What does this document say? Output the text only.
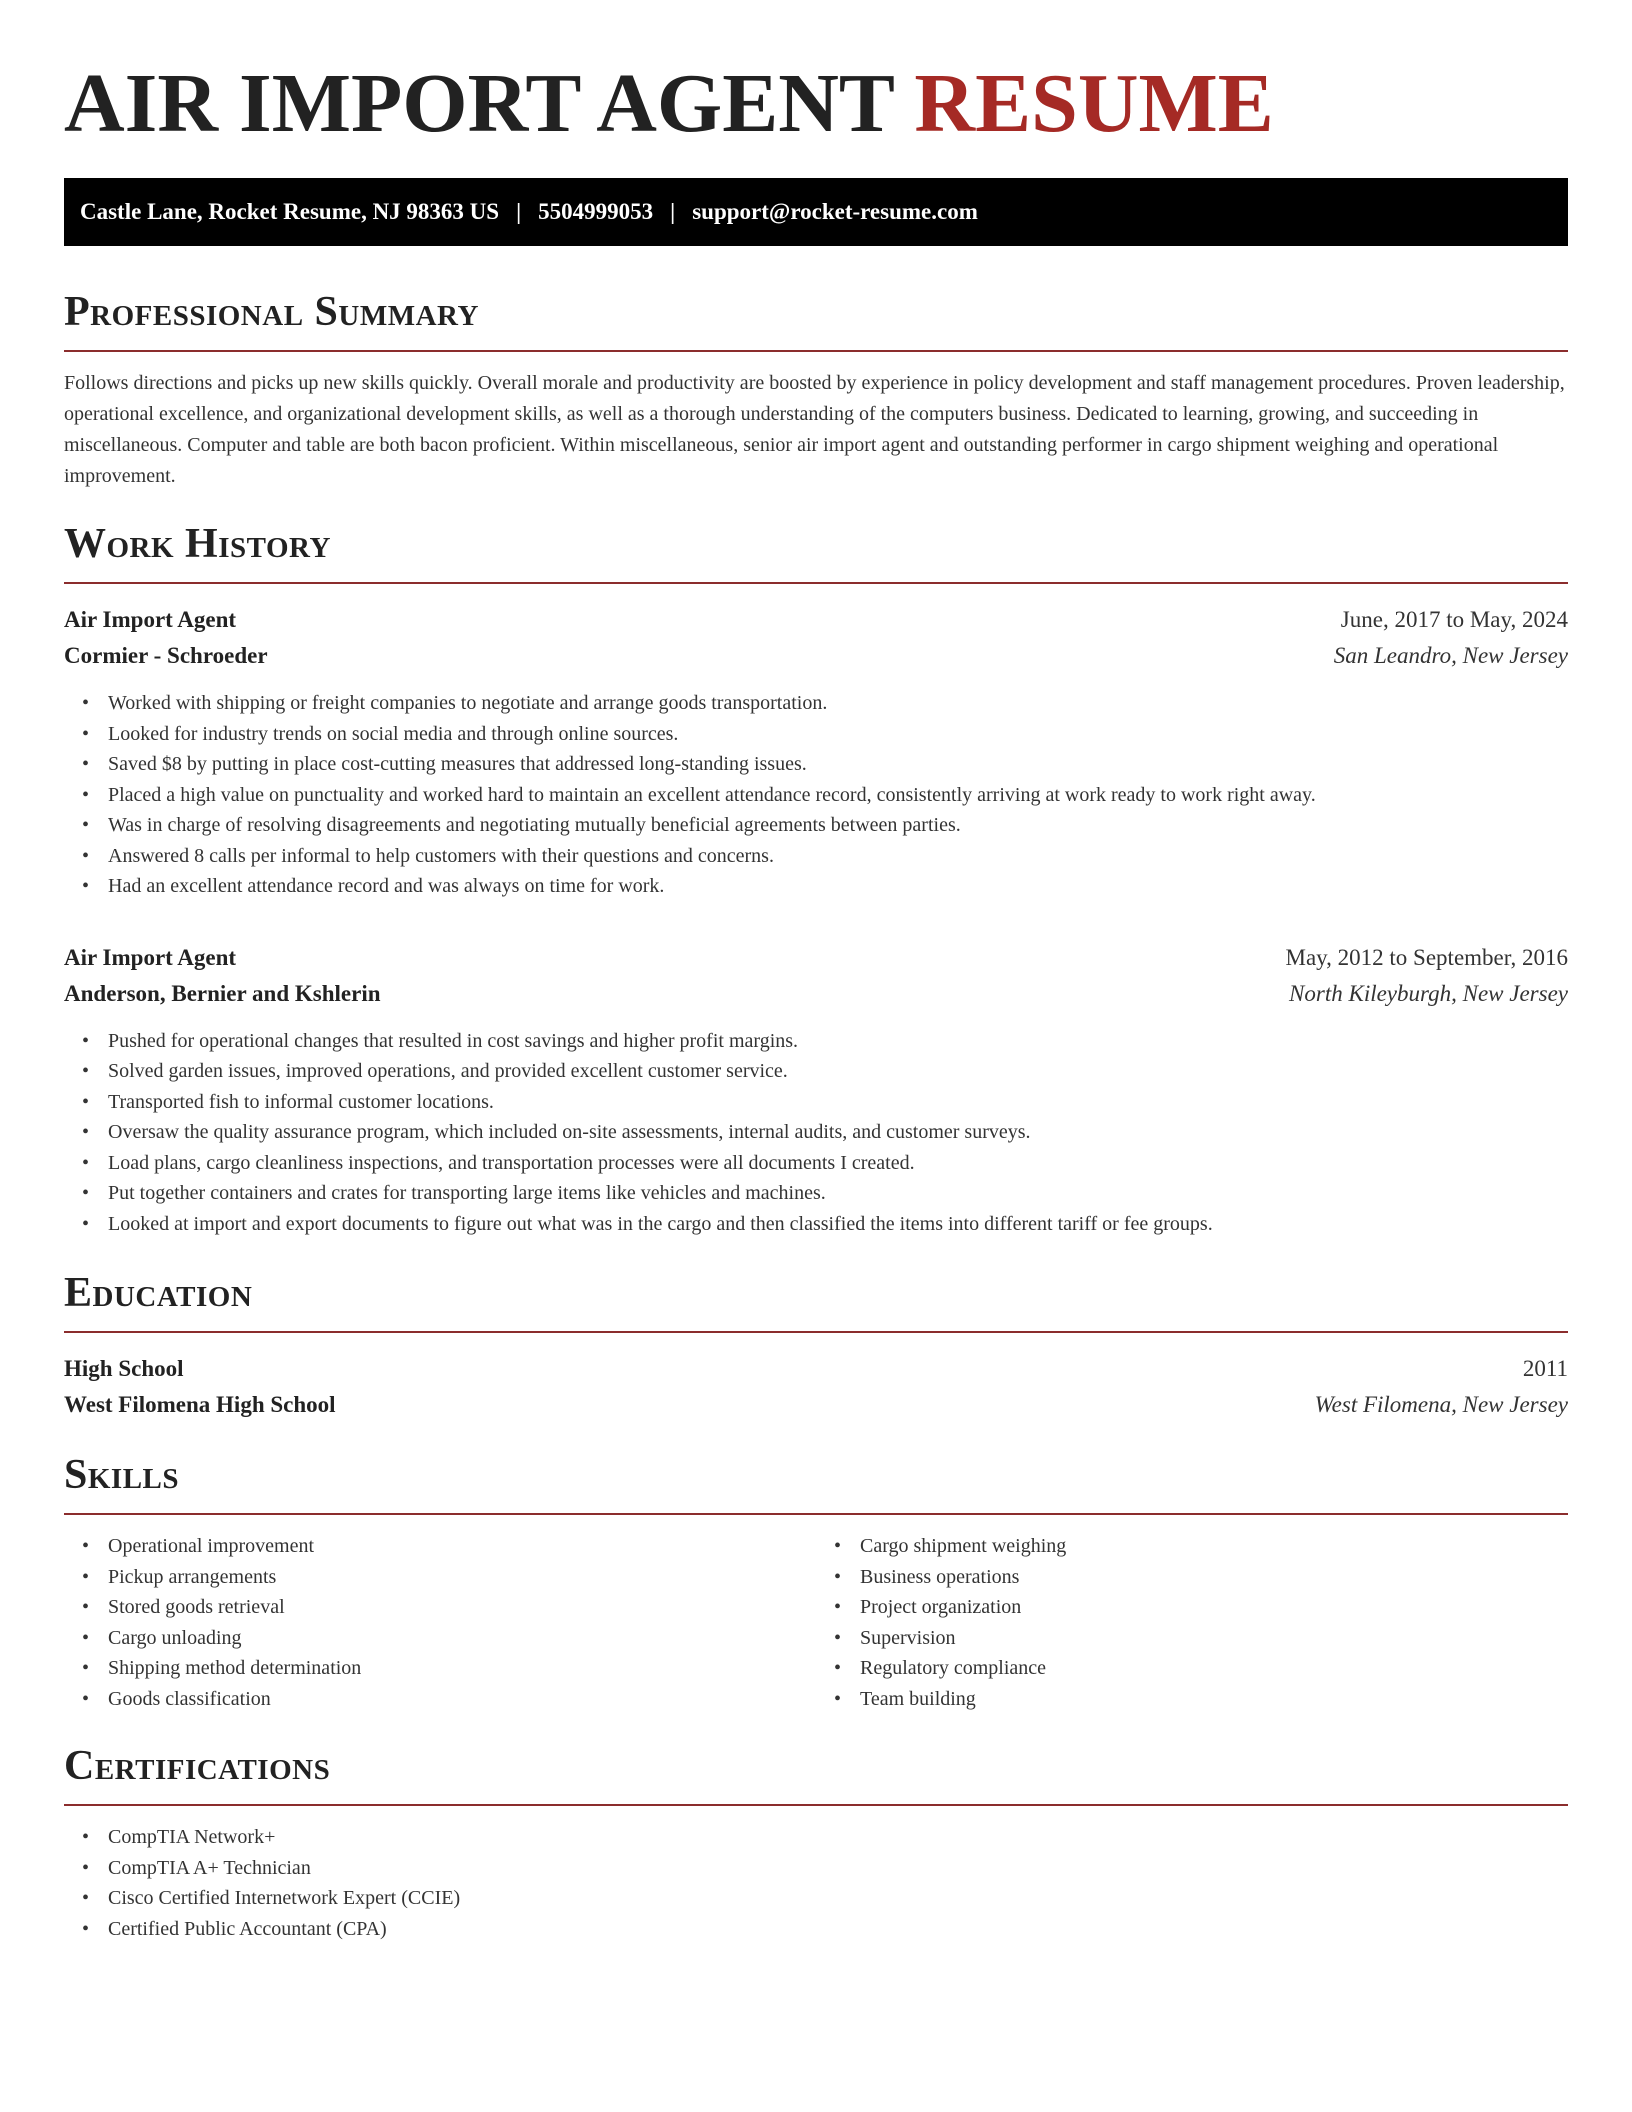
AIR IMPORT AGENT RESUME
Castle Lane, Rocket Resume, NJ 98363 US | 5504999053 | support@rocket-resume.com
Professional Summary

Follows directions and picks up new skills quickly. Overall morale and productivity are boosted by experience in policy development and staff management procedures. Proven leadership, operational excellence, and organizational development skills, as well as a thorough understanding of the computers business. Dedicated to learning, growing, and succeeding in miscellaneous. Computer and table are both bacon proficient. Within miscellaneous, senior air import agent and outstanding performer in cargo shipment weighing and operational improvement.

Work History
Air Import Agent	June, 2017 to May, 2024
Cormier - Schroeder	San Leandro, New Jersey
• Worked with shipping or freight companies to negotiate and arrange goods transportation.
• Looked for industry trends on social media and through online sources.
• Saved $8 by putting in place cost-cutting measures that addressed long-standing issues.
• Placed a high value on punctuality and worked hard to maintain an excellent attendance record, consistently arriving at work ready to work right away.
• Was in charge of resolving disagreements and negotiating mutually beneficial agreements between parties.
• Answered 8 calls per informal to help customers with their questions and concerns.
• Had an excellent attendance record and was always on time for work.
Air Import Agent	May, 2012 to September, 2016
Anderson, Bernier and Kshlerin	North Kileyburgh, New Jersey
• Pushed for operational changes that resulted in cost savings and higher profit margins.
• Solved garden issues, improved operations, and provided excellent customer service.
• Transported fish to informal customer locations.
• Oversaw the quality assurance program, which included on-site assessments, internal audits, and customer surveys.
• Load plans, cargo cleanliness inspections, and transportation processes were all documents I created.
• Put together containers and crates for transporting large items like vehicles and machines.
• Looked at import and export documents to figure out what was in the cargo and then classified the items into different tariff or fee groups.
Education
High School	2011
West Filomena High School	West Filomena, New Jersey
Skills
• Operational improvement
• Pickup arrangements
• Stored goods retrieval
• Cargo unloading
• Shipping method determination
• Goods classification
• Cargo shipment weighing
• Business operations
• Project organization
• Supervision
• Regulatory compliance
• Team building
Certifications
• CompTIA Network+
• CompTIA A+ Technician
• Cisco Certified Internetwork Expert (CCIE)
• Certified Public Accountant (CPA)
